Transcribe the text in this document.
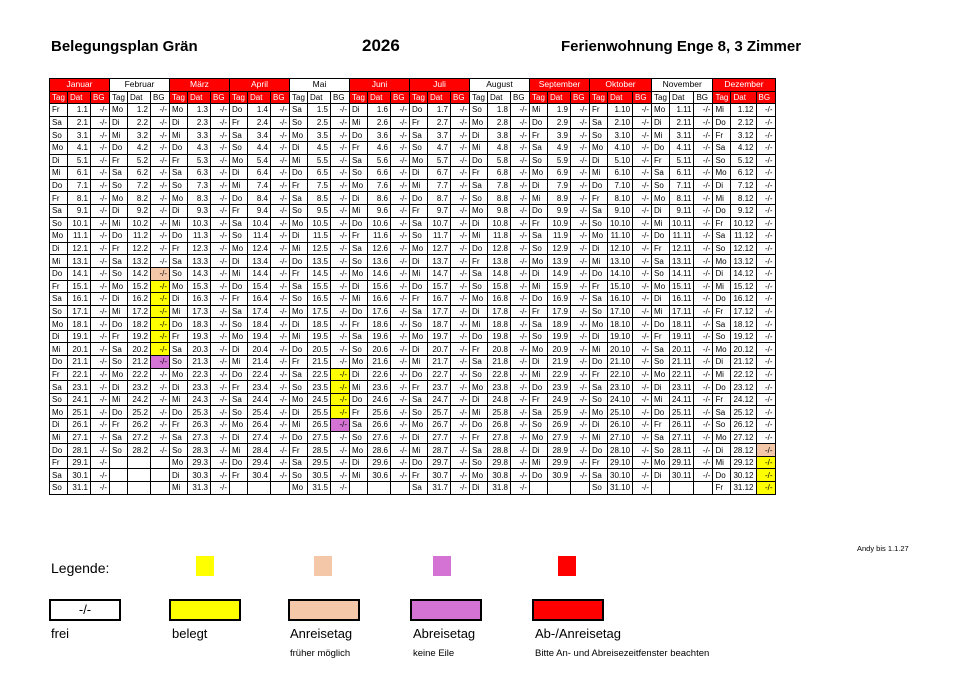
Belegungsplan Grän	2026	Ferienwohnung Enge 8, 3 Zimmer
Januar			Februar			März			April			Mai			Juni			Juli			August			September			Oktober			November			Dezember		
Tag	Dat	BG	Tag	Dat	BG	Tag	Dat	BG	Tag	Dat	BG	Tag	Dat	BG	Tag	Dat	BG	Tag	Dat	BG	Tag	Dat	BG	Tag	Dat	BG	Tag	Dat	BG	Tag	Dat	BG	Tag	Dat	BG
Fr	1.1	-/-	Mo	1.2	-/-	Mo	1.3	-/-	Do	1.4	-/-	Sa	1.5	-/-	Di	1.6	-/-	Do	1.7	-/-	So	1.8	-/-	Mi	1.9	-/-	Fr	1.10	-/-	Mo	1.11	-/-	Mi	1.12	-/-
Sa	2.1	-/-	Di	2.2	-/-	Di	2.3	-/-	Fr	2.4	-/-	So	2.5	-/-	Mi	2.6	-/-	Fr	2.7	-/-	Mo	2.8	-/-	Do	2.9	-/-	Sa	2.10	-/-	Di	2.11	-/-	Do	2.12	-/-
So	3.1	-/-	Mi	3.2	-/-	Mi	3.3	-/-	Sa	3.4	-/-	Mo	3.5	-/-	Do	3.6	-/-	Sa	3.7	-/-	Di	3.8	-/-	Fr	3.9	-/-	So	3.10	-/-	Mi	3.11	-/-	Fr	3.12	-/-
Mo	4.1	-/-	Do	4.2	-/-	Do	4.3	-/-	So	4.4	-/-	Di	4.5	-/-	Fr	4.6	-/-	So	4.7	-/-	Mi	4.8	-/-	Sa	4.9	-/-	Mo	4.10	-/-	Do	4.11	-/-	Sa	4.12	-/-
Di	5.1	-/-	Fr	5.2	-/-	Fr	5.3	-/-	Mo	5.4	-/-	Mi	5.5	-/-	Sa	5.6	-/-	Mo	5.7	-/-	Do	5.8	-/-	So	5.9	-/-	Di	5.10	-/-	Fr	5.11	-/-	So	5.12	-/-
Mi	6.1	-/-	Sa	6.2	-/-	Sa	6.3	-/-	Di	6.4	-/-	Do	6.5	-/-	So	6.6	-/-	Di	6.7	-/-	Fr	6.8	-/-	Mo	6.9	-/-	Mi	6.10	-/-	Sa	6.11	-/-	Mo	6.12	-/-
Do	7.1	-/-	So	7.2	-/-	So	7.3	-/-	Mi	7.4	-/-	Fr	7.5	-/-	Mo	7.6	-/-	Mi	7.7	-/-	Sa	7.8	-/-	Di	7.9	-/-	Do	7.10	-/-	So	7.11	-/-	Di	7.12	-/-
Fr	8.1	-/-	Mo	8.2	-/-	Mo	8.3	-/-	Do	8.4	-/-	Sa	8.5	-/-	Di	8.6	-/-	Do	8.7	-/-	So	8.8	-/-	Mi	8.9	-/-	Fr	8.10	-/-	Mo	8.11	-/-	Mi	8.12	-/-
Sa	9.1	-/-	Di	9.2	-/-	Di	9.3	-/-	Fr	9.4	-/-	So	9.5	-/-	Mi	9.6	-/-	Fr	9.7	-/-	Mo	9.8	-/-	Do	9.9	-/-	Sa	9.10	-/-	Di	9.11	-/-	Do	9.12	-/-
So	10.1	-/-	Mi	10.2	-/-	Mi	10.3	-/-	Sa	10.4	-/-	Mo	10.5	-/-	Do	10.6	-/-	Sa	10.7	-/-	Di	10.8	-/-	Fr	10.9	-/-	So	10.10	-/-	Mi	10.11	-/-	Fr	10.12	-/-
Mo	11.1	-/-	Do	11.2	-/-	Do	11.3	-/-	So	11.4	-/-	Di	11.5	-/-	Fr	11.6	-/-	So	11.7	-/-	Mi	11.8	-/-	Sa	11.9	-/-	Mo	11.10	-/-	Do	11.11	-/-	Sa	11.12	-/-
Di	12.1	-/-	Fr	12.2	-/-	Fr	12.3	-/-	Mo	12.4	-/-	Mi	12.5	-/-	Sa	12.6	-/-	Mo	12.7	-/-	Do	12.8	-/-	So	12.9	-/-	Di	12.10	-/-	Fr	12.11	-/-	So	12.12	-/-
Mi	13.1	-/-	Sa	13.2	-/-	Sa	13.3	-/-	Di	13.4	-/-	Do	13.5	-/-	So	13.6	-/-	Di	13.7	-/-	Fr	13.8	-/-	Mo	13.9	-/-	Mi	13.10	-/-	Sa	13.11	-/-	Mo	13.12	-/-
Do	14.1	-/-	So	14.2	-/-	So	14.3	-/-	Mi	14.4	-/-	Fr	14.5	-/-	Mo	14.6	-/-	Mi	14.7	-/-	Sa	14.8	-/-	Di	14.9	-/-	Do	14.10	-/-	So	14.11	-/-	Di	14.12	-/-
Fr	15.1	-/-	Mo	15.2	-/-	Mo	15.3	-/-	Do	15.4	-/-	Sa	15.5	-/-	Di	15.6	-/-	Do	15.7	-/-	So	15.8	-/-	Mi	15.9	-/-	Fr	15.10	-/-	Mo	15.11	-/-	Mi	15.12	-/-
Sa	16.1	-/-	Di	16.2	-/-	Di	16.3	-/-	Fr	16.4	-/-	So	16.5	-/-	Mi	16.6	-/-	Fr	16.7	-/-	Mo	16.8	-/-	Do	16.9	-/-	Sa	16.10	-/-	Di	16.11	-/-	Do	16.12	-/-
So	17.1	-/-	Mi	17.2	-/-	Mi	17.3	-/-	Sa	17.4	-/-	Mo	17.5	-/-	Do	17.6	-/-	Sa	17.7	-/-	Di	17.8	-/-	Fr	17.9	-/-	So	17.10	-/-	Mi	17.11	-/-	Fr	17.12	-/-
Mo	18.1	-/-	Do	18.2	-/-	Do	18.3	-/-	So	18.4	-/-	Di	18.5	-/-	Fr	18.6	-/-	So	18.7	-/-	Mi	18.8	-/-	Sa	18.9	-/-	Mo	18.10	-/-	Do	18.11	-/-	Sa	18.12	-/-
Di	19.1	-/-	Fr	19.2	-/-	Fr	19.3	-/-	Mo	19.4	-/-	Mi	19.5	-/-	Sa	19.6	-/-	Mo	19.7	-/-	Do	19.8	-/-	So	19.9	-/-	Di	19.10	-/-	Fr	19.11	-/-	So	19.12	-/-
Mi	20.1	-/-	Sa	20.2	-/-	Sa	20.3	-/-	Di	20.4	-/-	Do	20.5	-/-	So	20.6	-/-	Di	20.7	-/-	Fr	20.8	-/-	Mo	20.9	-/-	Mi	20.10	-/-	Sa	20.11	-/-	Mo	20.12	-/-
Do	21.1	-/-	So	21.2	-/-	So	21.3	-/-	Mi	21.4	-/-	Fr	21.5	-/-	Mo	21.6	-/-	Mi	21.7	-/-	Sa	21.8	-/-	Di	21.9	-/-	Do	21.10	-/-	So	21.11	-/-	Di	21.12	-/-
Fr	22.1	-/-	Mo	22.2	-/-	Mo	22.3	-/-	Do	22.4	-/-	Sa	22.5	-/-	Di	22.6	-/-	Do	22.7	-/-	So	22.8	-/-	Mi	22.9	-/-	Fr	22.10	-/-	Mo	22.11	-/-	Mi	22.12	-/-
Sa	23.1	-/-	Di	23.2	-/-	Di	23.3	-/-	Fr	23.4	-/-	So	23.5	-/-	Mi	23.6	-/-	Fr	23.7	-/-	Mo	23.8	-/-	Do	23.9	-/-	Sa	23.10	-/-	Di	23.11	-/-	Do	23.12	-/-
So	24.1	-/-	Mi	24.2	-/-	Mi	24.3	-/-	Sa	24.4	-/-	Mo	24.5	-/-	Do	24.6	-/-	Sa	24.7	-/-	Di	24.8	-/-	Fr	24.9	-/-	So	24.10	-/-	Mi	24.11	-/-	Fr	24.12	-/-
Mo	25.1	-/-	Do	25.2	-/-	Do	25.3	-/-	So	25.4	-/-	Di	25.5	-/-	Fr	25.6	-/-	So	25.7	-/-	Mi	25.8	-/-	Sa	25.9	-/-	Mo	25.10	-/-	Do	25.11	-/-	Sa	25.12	-/-
Di	26.1	-/-	Fr	26.2	-/-	Fr	26.3	-/-	Mo	26.4	-/-	Mi	26.5	-/-	Sa	26.6	-/-	Mo	26.7	-/-	Do	26.8	-/-	So	26.9	-/-	Di	26.10	-/-	Fr	26.11	-/-	So	26.12	-/-
Mi	27.1	-/-	Sa	27.2	-/-	Sa	27.3	-/-	Di	27.4	-/-	Do	27.5	-/-	So	27.6	-/-	Di	27.7	-/-	Fr	27.8	-/-	Mo	27.9	-/-	Mi	27.10	-/-	Sa	27.11	-/-	Mo	27.12	-/-
Do	28.1	-/-	So	28.2	-/-	So	28.3	-/-	Mi	28.4	-/-	Fr	28.5	-/-	Mo	28.6	-/-	Mi	28.7	-/-	Sa	28.8	-/-	Di	28.9	-/-	Do	28.10	-/-	So	28.11	-/-	Di	28.12	-/-
Fr	29.1	-/-				Mo	29.3	-/-	Do	29.4	-/-	Sa	29.5	-/-	Di	29.6	-/-	Do	29.7	-/-	So	29.8	-/-	Mi	29.9	-/-	Fr	29.10	-/-	Mo	29.11	-/-	Mi	29.12	-/-
Sa	30.1	-/-				Di	30.3	-/-	Fr	30.4	-/-	So	30.5	-/-	Mi	30.6	-/-	Fr	30.7	-/-	Mo	30.8	-/-	Do	30.9	-/-	Sa	30.10	-/-	Di	30.11	-/-	Do	30.12	-/-
So	31.1	-/-				Mi	31.3	-/-				Mo	31.5	-/-				Sa	31.7	-/-	Di	31.8	-/-				So	31.10	-/-				Fr	31.12	-/-
Andy bis 1.1.27
Legende:
-/-
frei	belegt	Anreisetag	Abreisetag	Ab-/Anreisetag
früher möglich	keine Eile	Bitte An- und Abreisezeitfenster beachten
